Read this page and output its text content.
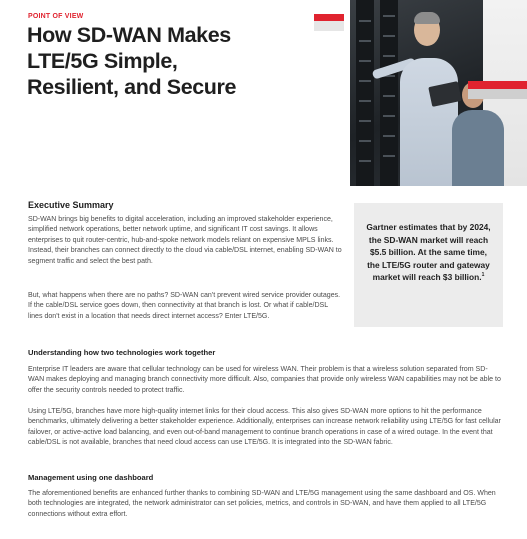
POINT OF VIEW
How SD-WAN Makes
LTE/5G Simple,
Resilient, and Secure
Executive Summary

SD-WAN brings big benefits to digital acceleration, including an improved stakeholder experience, simplified network operations, better network uptime, and significant IT cost savings. It allows enterprises to quit router-centric, hub-and-spoke network models reliant on expensive MPLS links. Instead, their branches can connect directly to the cloud via cable/DSL internet, enabling SD-WAN to segment traffic and select the best path.

But, what happens when there are no paths? SD-WAN can't prevent wired service provider outages. If the cable/DSL service goes down, then connectivity at that branch is lost. Or what if cable/DSL lines don't exist in a location that needs direct internet access? Enter LTE/5G.

Gartner estimates that by 2024, the SD-WAN market will reach $5.5 billion. At the same time, the LTE/5G router and gateway market will reach $3 billion.$^1$

Understanding how two technologies work together

Enterprise IT leaders are aware that cellular technology can be used for wireless WAN. Their problem is that a wireless solution separated from SD-WAN makes deploying and managing branch connectivity more difficult. Also, companies that provide only wireless WAN capabilities may not be able to offer the security controls needed to protect traffic.

Using LTE/5G, branches have more high-quality internet links for their cloud access. This also gives SD-WAN more options to hit the performance benchmarks, ultimately delivering a better stakeholder experience. Additionally, enterprises can increase network reliability using LTE/5G for fast cellular failover, or active-active load balancing, and even out-of-band management to continue branch operations in case of a wired outage. In the event that cable/DSL is not available, branches that need cloud access can use LTE/5G. It is integrated into the SD-WAN fabric.

Management using one dashboard

The aforementioned benefits are enhanced further thanks to combining SD-WAN and LTE/5G management using the same dashboard and OS. When both technologies are integrated, the network administrator can set policies, metrics, and controls in SD-WAN, and have them applied to all LTE/5G connections without extra effort.
